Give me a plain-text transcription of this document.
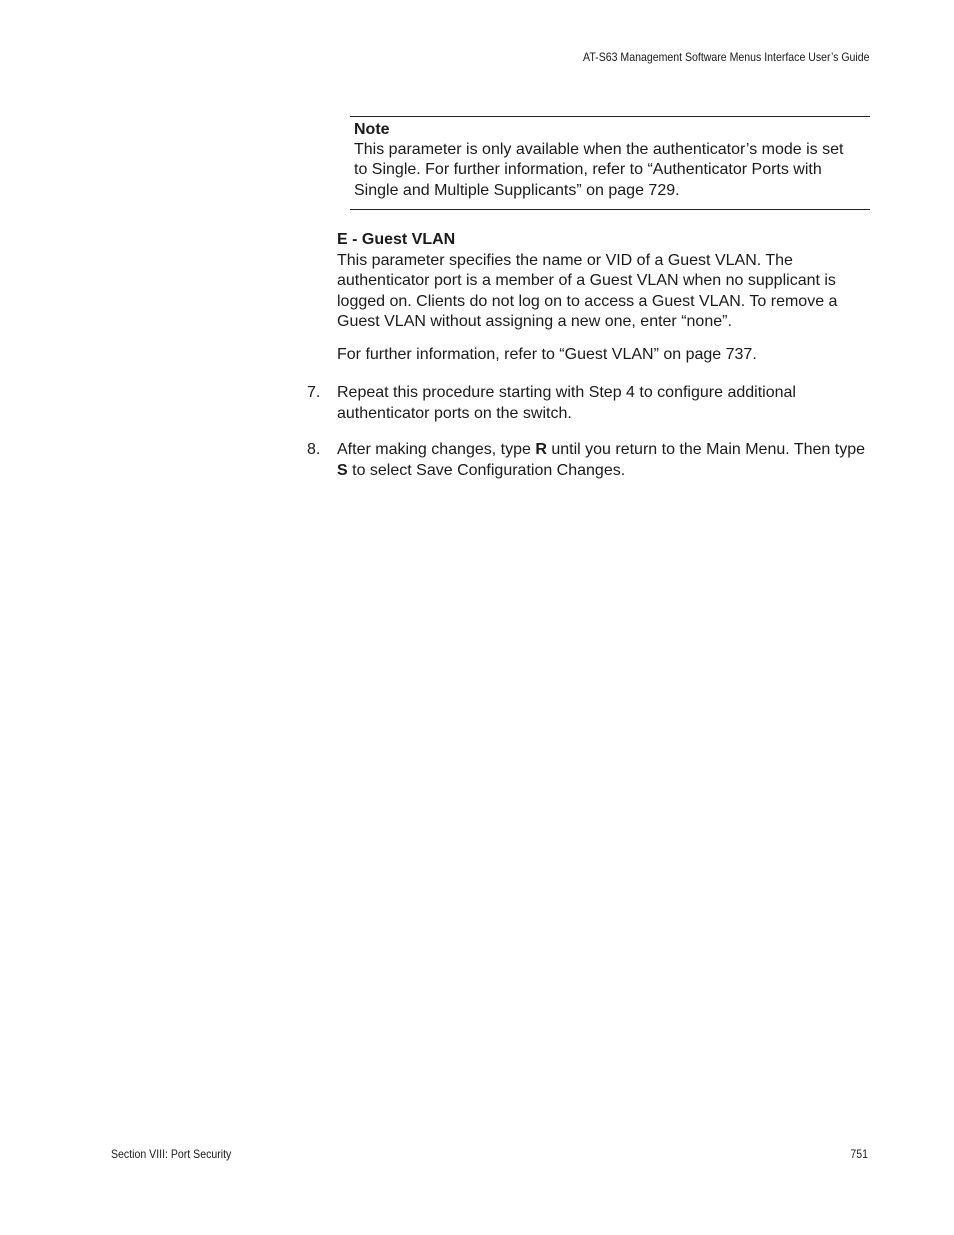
AT-S63 Management Software Menus Interface User’s Guide
Note
This parameter is only available when the authenticator’s mode is set to Single. For further information, refer to “Authenticator Ports with Single and Multiple Supplicants” on page 729.
E - Guest VLAN
This parameter specifies the name or VID of a Guest VLAN. The authenticator port is a member of a Guest VLAN when no supplicant is logged on. Clients do not log on to access a Guest VLAN. To remove a Guest VLAN without assigning a new one, enter “none”.
For further information, refer to “Guest VLAN” on page 737.
7. Repeat this procedure starting with Step 4 to configure additional authenticator ports on the switch.
8. After making changes, type R until you return to the Main Menu. Then type S to select Save Configuration Changes.
Section VIII: Port Security	751
